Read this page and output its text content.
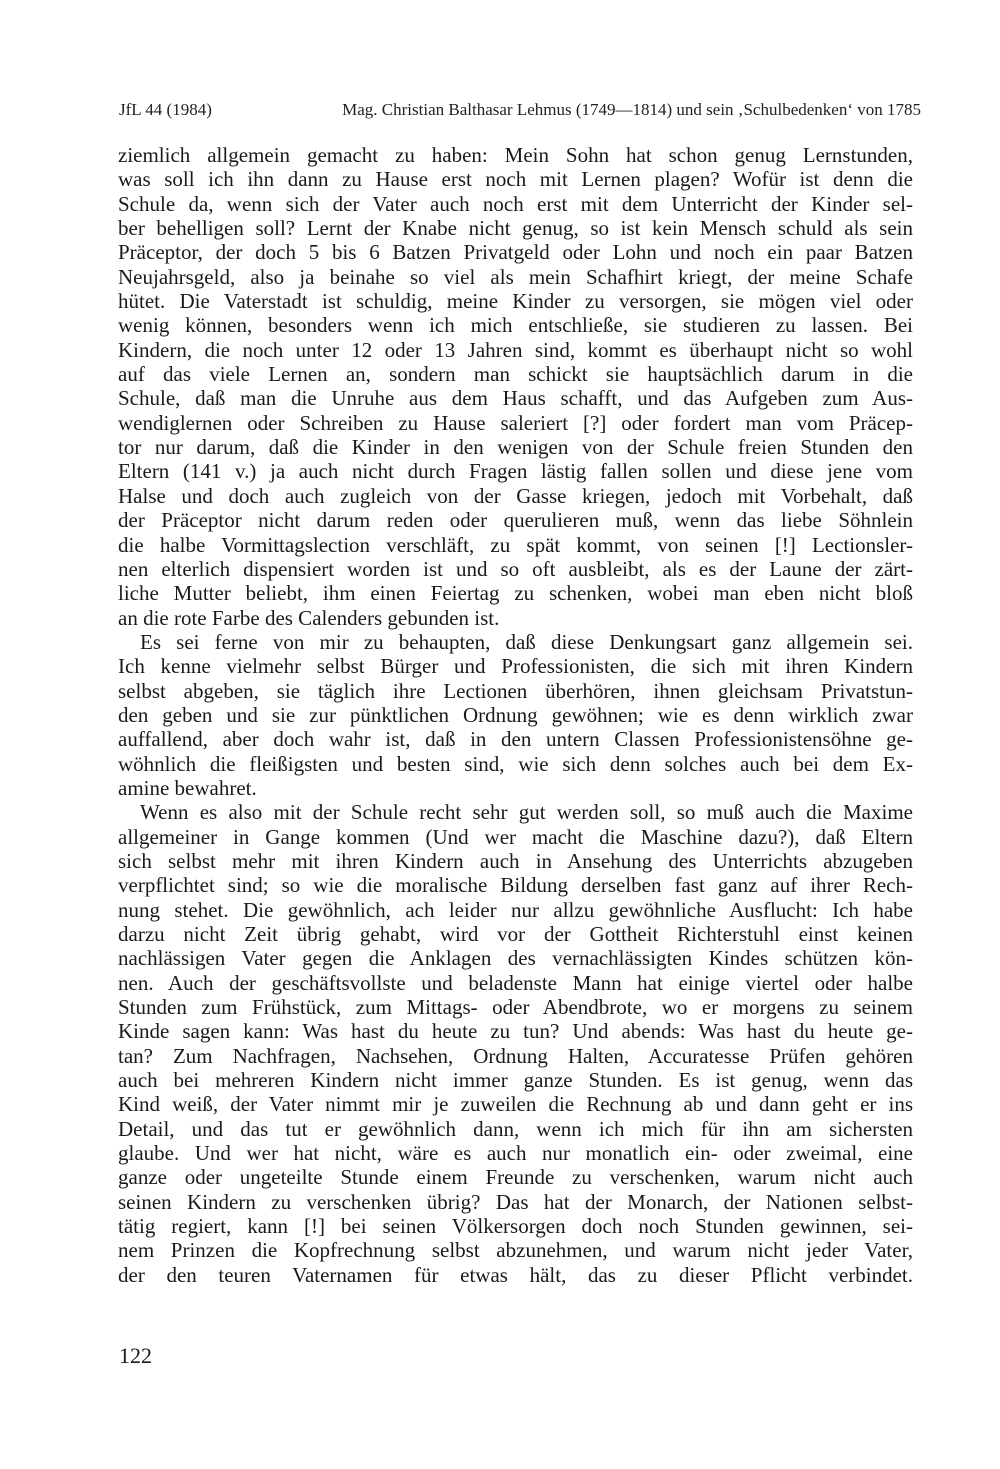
JfL 44 (1984)	Mag. Christian Balthasar Lehmus (1749—1814) und sein ‚Schulbedenken‘ von 1785
ziemlich allgemein gemacht zu haben: Mein Sohn hat schon genug Lernstunden,
was soll ich ihn dann zu Hause erst noch mit Lernen plagen? Wofür ist denn die
Schule da, wenn sich der Vater auch noch erst mit dem Unterricht der Kinder sel-
ber behelligen soll? Lernt der Knabe nicht genug, so ist kein Mensch schuld als sein
Präceptor, der doch 5 bis 6 Batzen Privatgeld oder Lohn und noch ein paar Batzen
Neujahrsgeld, also ja beinahe so viel als mein Schafhirt kriegt, der meine Schafe
hütet. Die Vaterstadt ist schuldig, meine Kinder zu versorgen, sie mögen viel oder
wenig können, besonders wenn ich mich entschließe, sie studieren zu lassen. Bei
Kindern, die noch unter 12 oder 13 Jahren sind, kommt es überhaupt nicht so wohl
auf das viele Lernen an, sondern man schickt sie hauptsächlich darum in die
Schule, daß man die Unruhe aus dem Haus schafft, und das Aufgeben zum Aus-
wendiglernen oder Schreiben zu Hause saleriert [?] oder fordert man vom Präcep-
tor nur darum, daß die Kinder in den wenigen von der Schule freien Stunden den
Eltern (141 v.) ja auch nicht durch Fragen lästig fallen sollen und diese jene vom
Halse und doch auch zugleich von der Gasse kriegen, jedoch mit Vorbehalt, daß
der Präceptor nicht darum reden oder querulieren muß, wenn das liebe Söhnlein
die halbe Vormittagslection verschläft, zu spät kommt, von seinen [!] Lectionsler-
nen elterlich dispensiert worden ist und so oft ausbleibt, als es der Laune der zärt-
liche Mutter beliebt, ihm einen Feiertag zu schenken, wobei man eben nicht bloß
an die rote Farbe des Calenders gebunden ist.
Es sei ferne von mir zu behaupten, daß diese Denkungsart ganz allgemein sei.
Ich kenne vielmehr selbst Bürger und Professionisten, die sich mit ihren Kindern
selbst abgeben, sie täglich ihre Lectionen überhören, ihnen gleichsam Privatstun-
den geben und sie zur pünktlichen Ordnung gewöhnen; wie es denn wirklich zwar
auffallend, aber doch wahr ist, daß in den untern Classen Professionistensöhne ge-
wöhnlich die fleißigsten und besten sind, wie sich denn solches auch bei dem Ex-
amine bewahret.
Wenn es also mit der Schule recht sehr gut werden soll, so muß auch die Maxime
allgemeiner in Gange kommen (Und wer macht die Maschine dazu?), daß Eltern
sich selbst mehr mit ihren Kindern auch in Ansehung des Unterrichts abzugeben
verpflichtet sind; so wie die moralische Bildung derselben fast ganz auf ihrer Rech-
nung stehet. Die gewöhnlich, ach leider nur allzu gewöhnliche Ausflucht: Ich habe
darzu nicht Zeit übrig gehabt, wird vor der Gottheit Richterstuhl einst keinen
nachlässigen Vater gegen die Anklagen des vernachlässigten Kindes schützen kön-
nen. Auch der geschäftsvollste und beladenste Mann hat einige viertel oder halbe
Stunden zum Frühstück, zum Mittags- oder Abendbrote, wo er morgens zu seinem
Kinde sagen kann: Was hast du heute zu tun? Und abends: Was hast du heute ge-
tan? Zum Nachfragen, Nachsehen, Ordnung Halten, Accuratesse Prüfen gehören
auch bei mehreren Kindern nicht immer ganze Stunden. Es ist genug, wenn das
Kind weiß, der Vater nimmt mir je zuweilen die Rechnung ab und dann geht er ins
Detail, und das tut er gewöhnlich dann, wenn ich mich für ihn am sichersten
glaube. Und wer hat nicht, wäre es auch nur monatlich ein- oder zweimal, eine
ganze oder ungeteilte Stunde einem Freunde zu verschenken, warum nicht auch
seinen Kindern zu verschenken übrig? Das hat der Monarch, der Nationen selbst-
tätig regiert, kann [!] bei seinen Völkersorgen doch noch Stunden gewinnen, sei-
nem Prinzen die Kopfrechnung selbst abzunehmen, und warum nicht jeder Vater,
der den teuren Vaternamen für etwas hält, das zu dieser Pflicht verbindet.
122
